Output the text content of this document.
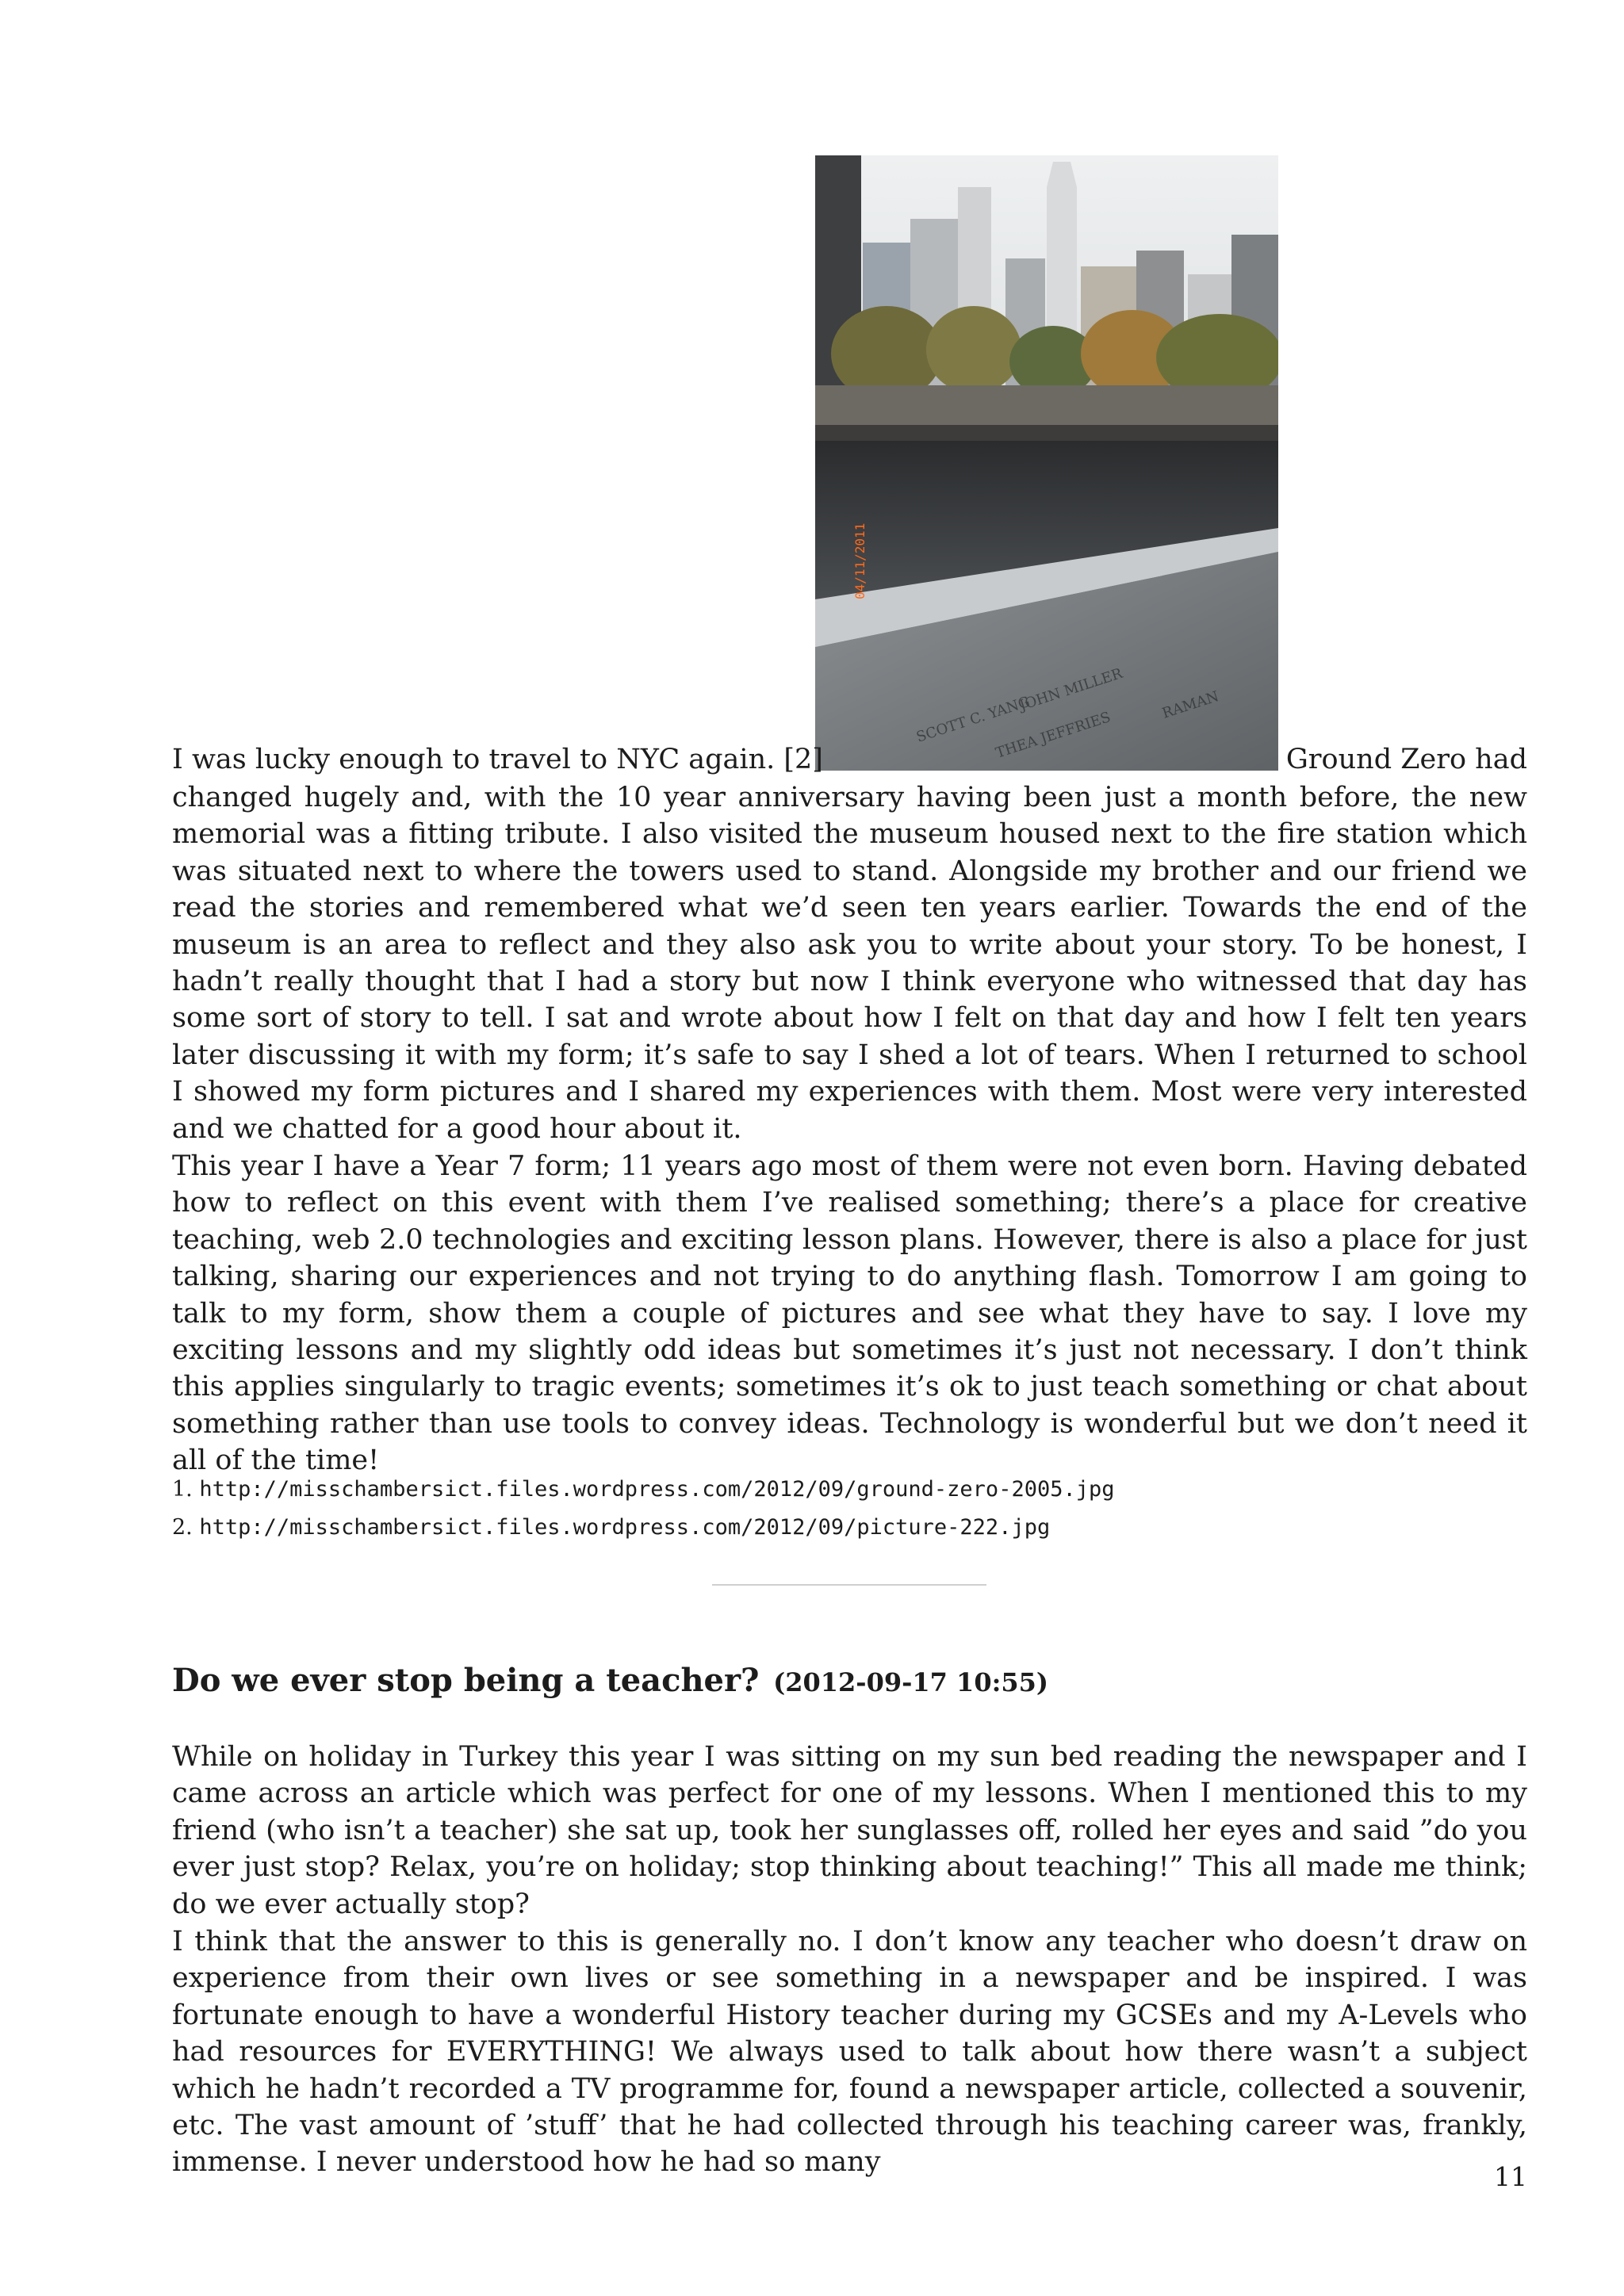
SCOTT C. YANG
JOHN MILLER
THEA JEFFRIES
RAMAN
04/11/2011
I was lucky enough to travel to NYC again. [2]	Ground Zero had

changed hugely and, with the 10 year anniversary having been just a month before, the new memorial was a fitting tribute. I also visited the museum housed next to the fire station which was situated next to where the towers used to stand. Alongside my brother and our friend we read the stories and remembered what we’d seen ten years earlier. Towards the end of the museum is an area to reflect and they also ask you to write about your story. To be honest, I hadn’t really thought that I had a story but now I think everyone who witnessed that day has some sort of story to tell. I sat and wrote about how I felt on that day and how I felt ten years later discussing it with my form; it’s safe to say I shed a lot of tears. When I returned to school I showed my form pictures and I shared my experiences with them. Most were very interested and we chatted for a good hour about it.

This year I have a Year 7 form; 11 years ago most of them were not even born. Having debated how to reflect on this event with them I’ve realised something; there’s a place for creative teaching, web 2.0 technologies and exciting lesson plans. However, there is also a place for just talking, sharing our experiences and not trying to do anything flash. Tomorrow I am going to talk to my form, show them a couple of pictures and see what they have to say. I love my exciting lessons and my slightly odd ideas but sometimes it’s just not necessary. I don’t think this applies singularly to tragic events; sometimes it’s ok to just teach something or chat about something rather than use tools to convey ideas. Technology is wonderful but we don’t need it all of the time!

1. http://misschambersict.files.wordpress.com/2012/09/ground-zero-2005.jpg
2. http://misschambersict.files.wordpress.com/2012/09/picture-222.jpg
Do we ever stop being a teacher? (2012-09-17 10:55)

While on holiday in Turkey this year I was sitting on my sun bed reading the newspaper and I came across an article which was perfect for one of my lessons. When I mentioned this to my friend (who isn’t a teacher) she sat up, took her sunglasses off, rolled her eyes and said ”do you ever just stop? Relax, you’re on holiday; stop thinking about teaching!” This all made me think; do we ever actually stop?

I think that the answer to this is generally no. I don’t know any teacher who doesn’t draw on experience from their own lives or see something in a newspaper and be inspired. I was fortunate enough to have a wonderful History teacher during my GCSEs and my A-Levels who had resources for EVERYTHING! We always used to talk about how there wasn’t a subject which he hadn’t recorded a TV programme for, found a newspaper article, collected a souvenir, etc. The vast amount of ’stuff’ that he had collected through his teaching career was, frankly, immense. I never understood how he had so many	11
